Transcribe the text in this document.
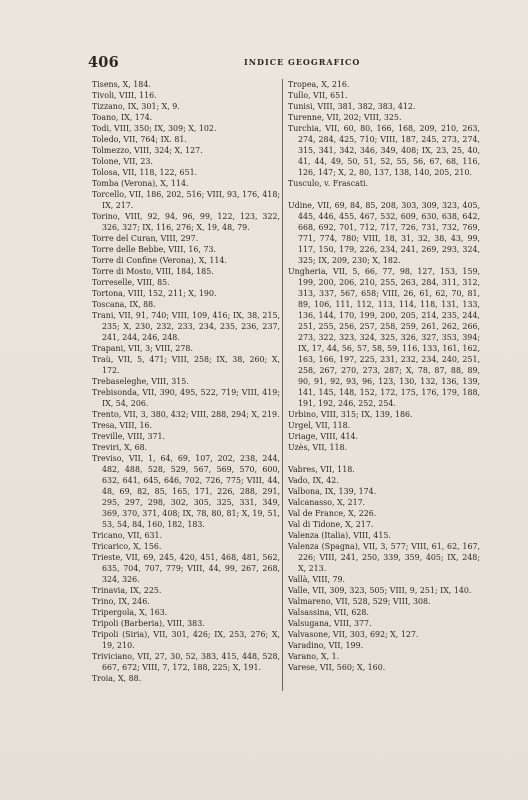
406	INDICE GEOGRAFICO

Tisens, X, 184.

Tivoli, VIII, 116.

Tizzano, IX, 301; X, 9.

Toano, IX, 174.

Todi, VIII, 350; IX, 309; X, 102.

Toledo, VII, 764; IX. 81.

Tolmezzo, VIII, 324; X, 127.

Tolone, VII, 23.

Tolosa, VII, 118, 122, 651.

Tomba (Verona), X, 114.

Torcello, VII, 186, 202, 516; VIII, 93, 176, 418; IX, 217.

Torino, VIII, 92, 94, 96, 99, 122, 123, 322, 326, 327; IX, 116, 276; X, 19, 48, 79.

Torre del Curan, VIII, 297.

Torre delle Bebbe, VIII, 16, 73.

Torre di Confine (Verona), X, 114.

Torre di Mosto, VIII, 184, 185.

Torreselle, VIII, 85.

Tortona, VIII, 152, 211; X, 190.

Toscana, IX, 88.

Trani, VII, 91, 740; VIII, 109, 416; IX, 38, 215, 235; X, 230, 232, 233, 234, 235, 236, 237, 241, 244, 246, 248.

Trapani, VII, 3; VIII, 278.

Traù, VII, 5, 471; VIII, 258; IX, 38, 260; X, 172.

Trebaseleghe, VIII, 315.

Trebisonda, VII, 390, 495, 522, 719; VIII, 419; IX, 54, 206.

Trento, VII, 3, 380, 432; VIII, 288, 294; X, 219.

Tresa, VIII, 16.

Treville, VIII, 371.

Treviri, X, 68.

Treviso, VII, 1, 64, 69, 107, 202, 238, 244, 482, 488, 528, 529, 567, 569, 570, 600, 632, 641, 645, 646, 702, 726, 775; VIII, 44, 48, 69, 82, 85, 165, 171, 226, 288, 291, 295, 297, 298, 302, 305, 325, 331, 349, 369, 370, 371, 408; IX, 78, 80, 81; X, 19, 51, 53, 54, 84, 160, 182, 183.

Tricano, VII, 631.

Tricarico, X, 156.

Trieste, VII, 69, 245, 420, 451, 468, 481, 562, 635, 704, 707, 779; VIII, 44, 99, 267, 268, 324, 326.

Trinavia, IX, 225.

Trino, IX, 246.

Tripergola, X, 163.

Tripoli (Barberia), VIII, 383.

Tripoli (Siria), VII, 301, 426; IX, 253, 276; X, 19, 210.

Triviciano, VII, 27, 30, 52, 383, 415, 448, 528, 667, 672; VIII, 7, 172, 188, 225; X, 191.

Troia, X, 88.

Tropea, X, 216.

Tullo, VII, 651.

Tunisi, VIII, 381, 382, 383, 412.

Turenne, VII, 202; VIII, 325.

Turchia, VII, 60, 80, 166, 168, 209, 210, 263, 274, 284, 425, 710; VIII, 187, 245, 273, 274, 315, 341, 342, 346, 349, 408; IX, 23, 25, 40, 41, 44, 49, 50, 51, 52, 55, 56, 67, 68, 116, 126, 147; X, 2, 80, 137, 138, 140, 205, 210.

Tusculo, v. Frascati.

Udine, VII, 69, 84, 85, 208, 303, 309, 323, 405, 445, 446, 455, 467, 532, 609, 630, 638, 642, 668, 692, 701, 712, 717, 726, 731, 732, 769, 771, 774, 780; VIII, 18, 31, 32, 38, 43, 99, 117, 150, 179, 226, 234, 241, 269, 293, 324, 325; IX, 209, 230; X, 182.

Ungheria, VII, 5, 66, 77, 98, 127, 153, 159, 199, 200, 206, 210, 255, 263, 284, 311, 312, 313, 337, 567, 658; VIII, 26, 61, 62, 70, 81, 89, 106, 111, 112, 113, 114, 118, 131, 133, 136, 144, 170, 199, 200, 205, 214, 235, 244, 251, 255, 256, 257, 258, 259, 261, 262, 266, 273, 322, 323, 324, 325, 326, 327, 353, 394; IX, 17, 44, 56, 57, 58, 59, 116, 133, 161, 162, 163, 166, 197, 225, 231, 232, 234, 240, 251, 258, 267, 270, 273, 287; X, 78, 87, 88, 89, 90, 91, 92, 93, 96, 123, 130, 132, 136, 139, 141, 145, 148, 152, 172, 175, 176, 179, 188, 191, 192, 246, 252, 254.

Urbino, VIII, 315; IX, 139, 186.

Urgel, VII, 118.

Uriage, VIII, 414.

Uzès, VII, 118.

Vabres, VII, 118.

Vado, IX, 42.

Valbona, IX, 139, 174.

Valcanasso, X, 217.

Val de France, X, 226.

Val di Tidone, X, 217.

Valenza (Italia), VIII, 415.

Valenza (Spagna), VII, 3, 577; VIII, 61, 62, 167, 226; VIII, 241, 250, 339, 359, 405; IX, 248; X, 213.

Vallà, VIII, 79.

Valle, VII, 309, 323, 505; VIII, 9, 251; IX, 140.

Valmareno, VII, 528, 529; VIII, 308.

Valsassina, VII, 628.

Valsugana, VIII, 377.

Valvasone, VII, 303, 692; X, 127.

Varadino, VII, 199.

Varano, X, 1.

Varese, VII, 560; X, 160.
